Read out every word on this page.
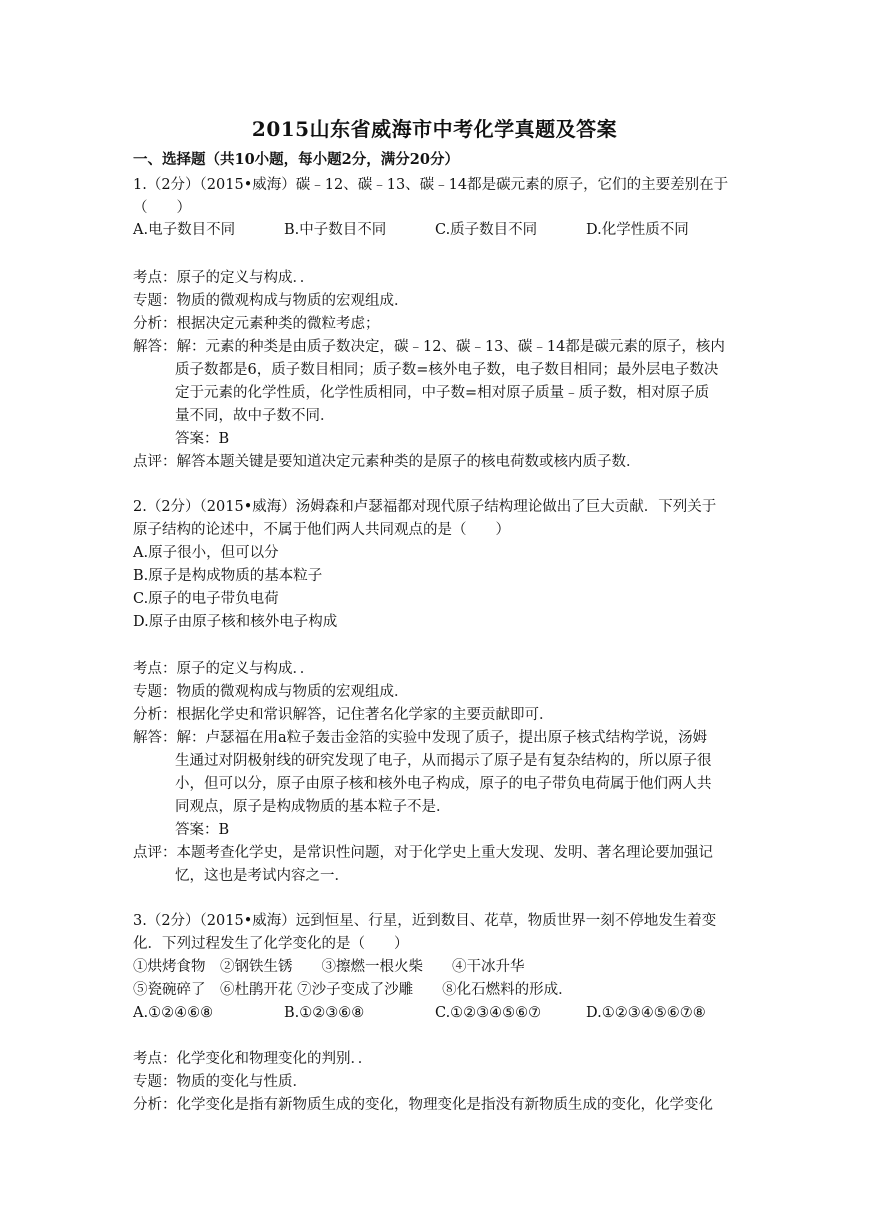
2015山东省威海市中考化学真题及答案
一、选择题（共10小题，每小题2分，满分20分）
1.（2分）（2015•威海）碳﹣12、碳﹣13、碳﹣14都是碳元素的原子，它们的主要差别在于
（　　）
A.电子数目不同	B.中子数目不同	C.质子数目不同	D.化学性质不同
考点：原子的定义与构成．．
专题：物质的微观构成与物质的宏观组成．
分析：根据决定元素种类的微粒考虑；
解答：解：元素的种类是由质子数决定，碳﹣12、碳﹣13、碳﹣14都是碳元素的原子，核内
质子数都是6，质子数目相同；质子数=核外电子数，电子数目相同；最外层电子数决
定于元素的化学性质，化学性质相同，中子数=相对原子质量﹣质子数，相对原子质
量不同，故中子数不同．
答案：B
点评：解答本题关键是要知道决定元素种类的是原子的核电荷数或核内质子数．
2.（2分）（2015•威海）汤姆森和卢瑟福都对现代原子结构理论做出了巨大贡献．下列关于
原子结构的论述中，不属于他们两人共同观点的是（　　）
A.原子很小，但可以分
B.原子是构成物质的基本粒子
C.原子的电子带负电荷
D.原子由原子核和核外电子构成
考点：原子的定义与构成．．
专题：物质的微观构成与物质的宏观组成．
分析：根据化学史和常识解答，记住著名化学家的主要贡献即可．
解答：解：卢瑟福在用a粒子轰击金箔的实验中发现了质子，提出原子核式结构学说，汤姆
生通过对阴极射线的研究发现了电子，从而揭示了原子是有复杂结构的，所以原子很
小，但可以分，原子由原子核和核外电子构成，原子的电子带负电荷属于他们两人共
同观点，原子是构成物质的基本粒子不是．
答案：B
点评：本题考查化学史，是常识性问题，对于化学史上重大发现、发明、著名理论要加强记
忆，这也是考试内容之一．
3.（2分）（2015•威海）远到恒星、行星，近到数目、花草，物质世界一刻不停地发生着变
化．下列过程发生了化学变化的是（　　）
①烘烤食物　②钢铁生锈　　③擦燃一根火柴　　④干冰升华
⑤瓷碗碎了　⑥杜鹃开花 ⑦沙子变成了沙雕　　⑧化石燃料的形成．
A.①②④⑥⑧	B.①②③⑥⑧	C.①②③④⑤⑥⑦	D.①②③④⑤⑥⑦⑧
考点：化学变化和物理变化的判别．．
专题：物质的变化与性质．
分析：化学变化是指有新物质生成的变化，物理变化是指没有新物质生成的变化，化学变化
